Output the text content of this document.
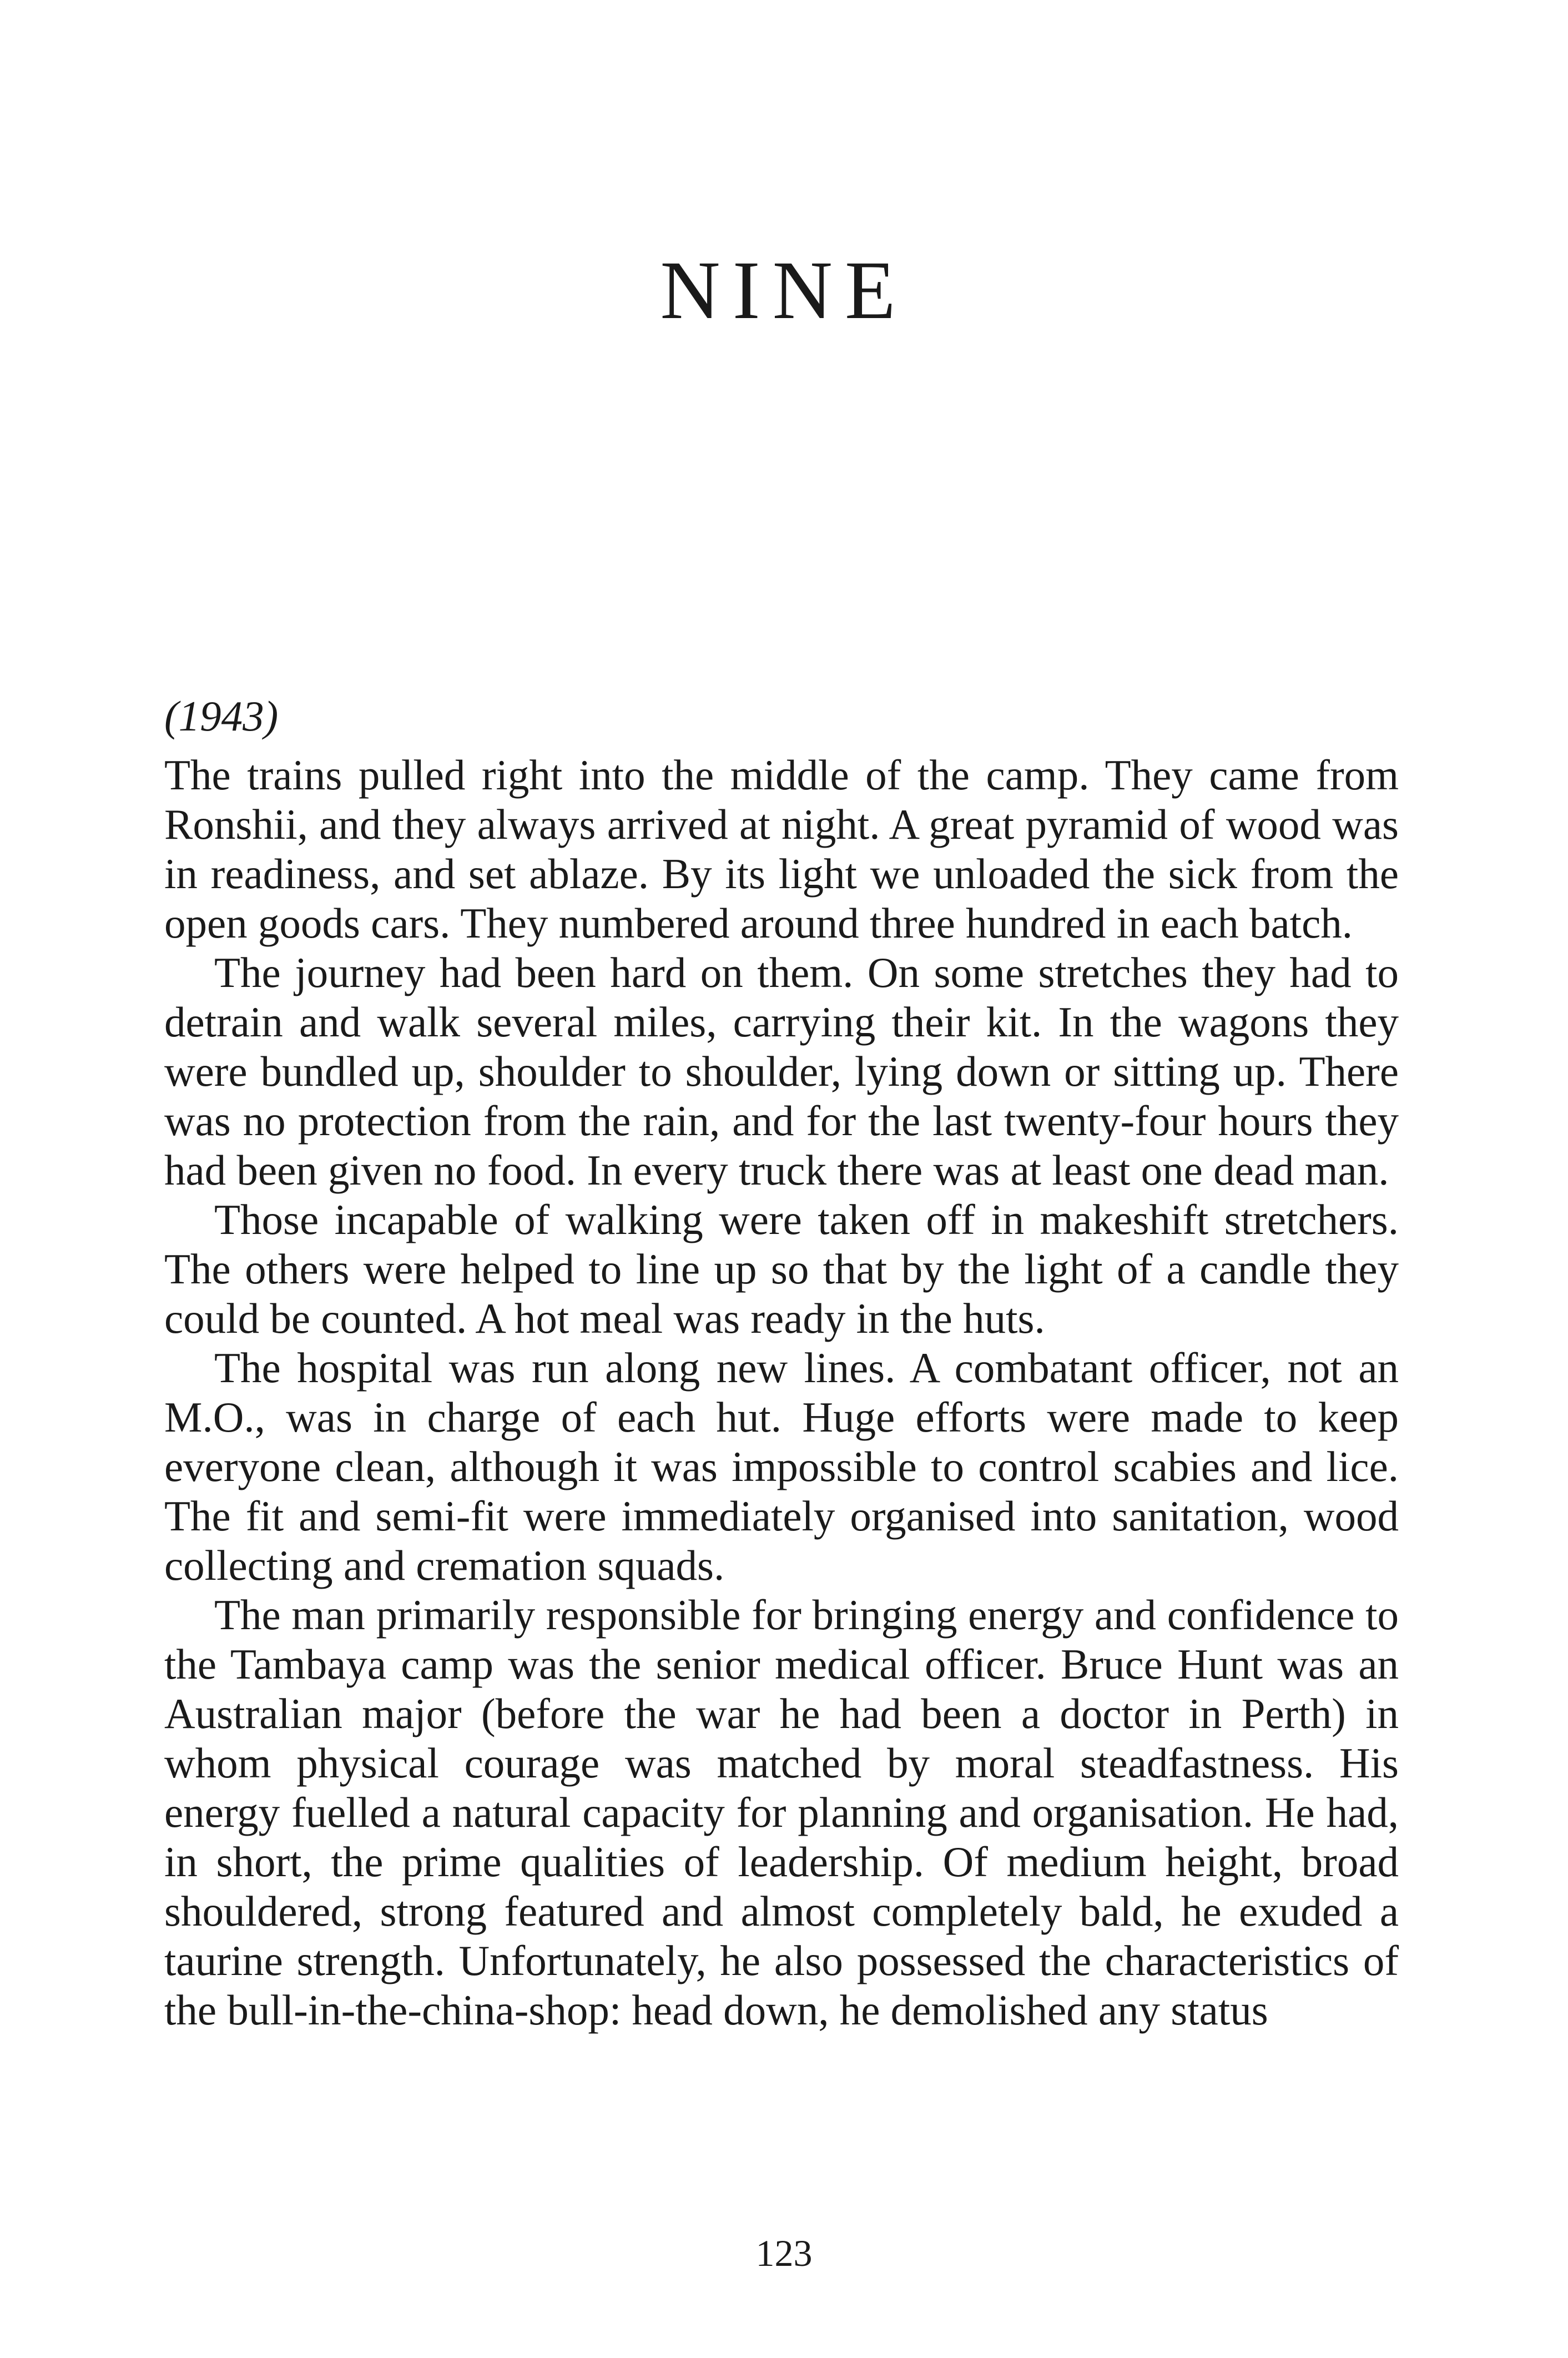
NINE
(1943)

The trains pulled right into the middle of the camp. They came from Ronshii, and they always arrived at night. A great pyramid of wood was in readiness, and set ablaze. By its light we unloaded the sick from the open goods cars. They numbered around three hundred in each batch.

The journey had been hard on them. On some stretches they had to detrain and walk several miles, carrying their kit. In the wagons they were bundled up, shoulder to shoulder, lying down or sitting up. There was no protection from the rain, and for the last twenty-four hours they had been given no food. In every truck there was at least one dead man.

Those incapable of walking were taken off in makeshift stretchers. The others were helped to line up so that by the light of a candle they could be counted. A hot meal was ready in the huts.

The hospital was run along new lines. A combatant officer, not an M.O., was in charge of each hut. Huge efforts were made to keep everyone clean, although it was impossible to control scabies and lice. The fit and semi-fit were immediately organised into sanitation, wood collecting and cremation squads.

The man primarily responsible for bringing energy and confidence to the Tambaya camp was the senior medical officer. Bruce Hunt was an Australian major (before the war he had been a doctor in Perth) in whom physical courage was matched by moral steadfastness. His energy fuelled a natural capacity for planning and organisation. He had, in short, the prime qualities of leadership. Of medium height, broad shouldered, strong featured and almost completely bald, he exuded a taurine strength. Unfortunately, he also possessed the characteristics of the bull-in-the-china-shop: head down, he demolished any status

123
